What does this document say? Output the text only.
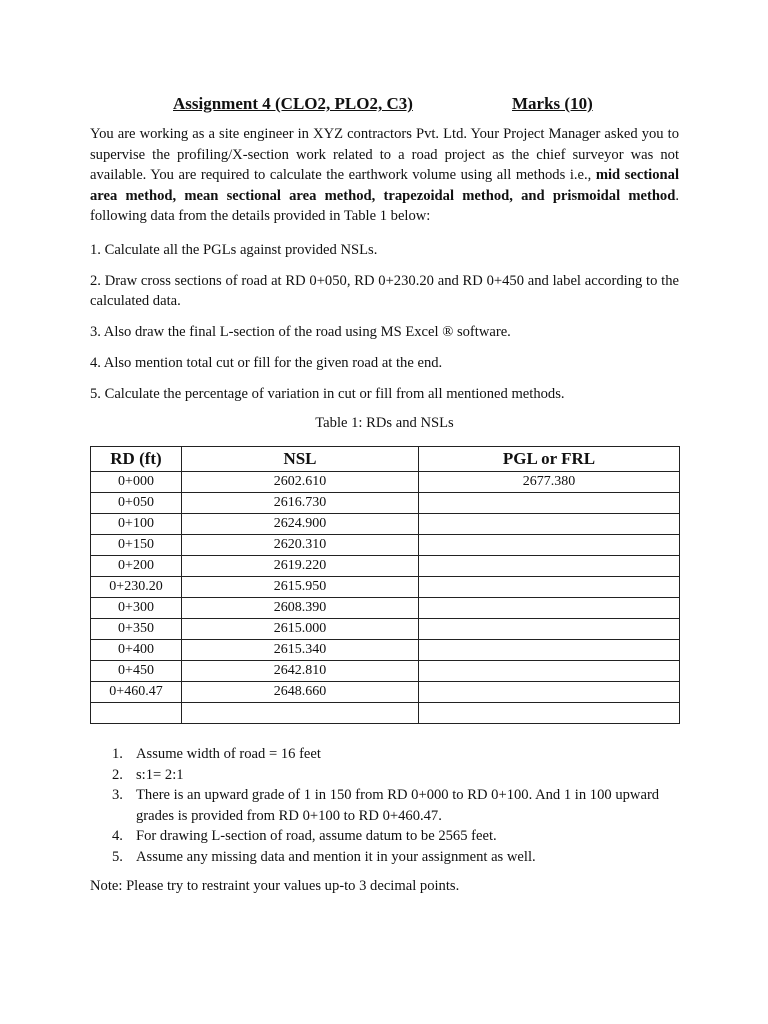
Assignment 4 (CLO2, PLO2, C3)	Marks (10)

You are working as a site engineer in XYZ contractors Pvt. Ltd. Your Project Manager asked you to supervise the profiling/X-section work related to a road project as the chief surveyor was not available. You are required to calculate the earthwork volume using all methods i.e., mid sectional area method, mean sectional area method, trapezoidal method, and prismoidal method. following data from the details provided in Table 1 below:

1. Calculate all the PGLs against provided NSLs.

2. Draw cross sections of road at RD 0+050, RD 0+230.20 and RD 0+450 and label according to the calculated data.

3. Also draw the final L-section of the road using MS Excel ® software.

4. Also mention total cut or fill for the given road at the end.

5. Calculate the percentage of variation in cut or fill from all mentioned methods.

Table 1: RDs and NSLs
RD (ft)	NSL	PGL or FRL
0+000	2602.610	2677.380
0+050	2616.730	
0+100	2624.900	
0+150	2620.310	
0+200	2619.220	
0+230.20	2615.950	
0+300	2608.390	
0+350	2615.000	
0+400	2615.340	
0+450	2642.810	
0+460.47	2648.660	

1. Assume width of road = 16 feet
2. s:1= 2:1
3. There is an upward grade of 1 in 150 from RD 0+000 to RD 0+100. And 1 in 100 upward grades is provided from RD 0+100 to RD 0+460.47.
4. For drawing L-section of road, assume datum to be 2565 feet.
5. Assume any missing data and mention it in your assignment as well.
Note: Please try to restraint your values up-to 3 decimal points.
